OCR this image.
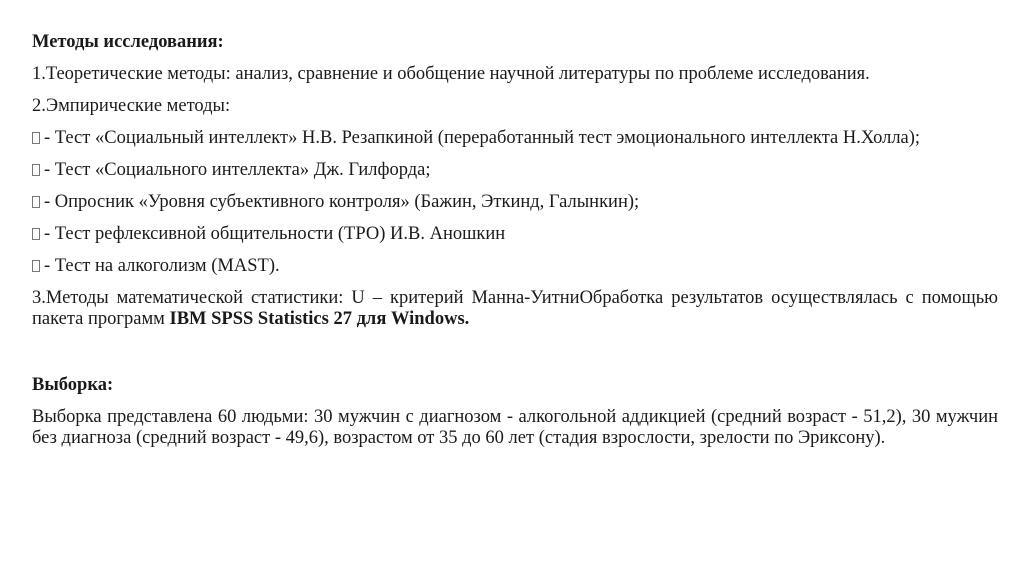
Методы исследования:

1.Теоретические методы: анализ, сравнение и обобщение научной литературы по проблеме исследования.

2.Эмпирические методы:

- Тест «Социальный интеллект» Н.В. Резапкиной (переработанный тест эмоционального интеллекта Н.Холла);

- Тест «Социального интеллекта» Дж. Гилфорда;

- Опросник «Уровня субъективного контроля» (Бажин, Эткинд, Галынкин);

- Тест рефлексивной общительности (ТРО) И.В. Аношкин

- Тест на алкоголизм (MAST).

3.Методы математической статистики: U – критерий Манна-УитниОбработка результатов осуществлялась с помощью пакета программ IBM SPSS Statistics 27 для Windows.

Выборка:

Выборка представлена 60 людьми: 30 мужчин с диагнозом - алкогольной аддикцией (средний возраст - 51,2), 30 мужчин без диагноза (средний возраст - 49,6), возрастом от 35 до 60 лет (стадия взрослости, зрелости по Эриксону).
